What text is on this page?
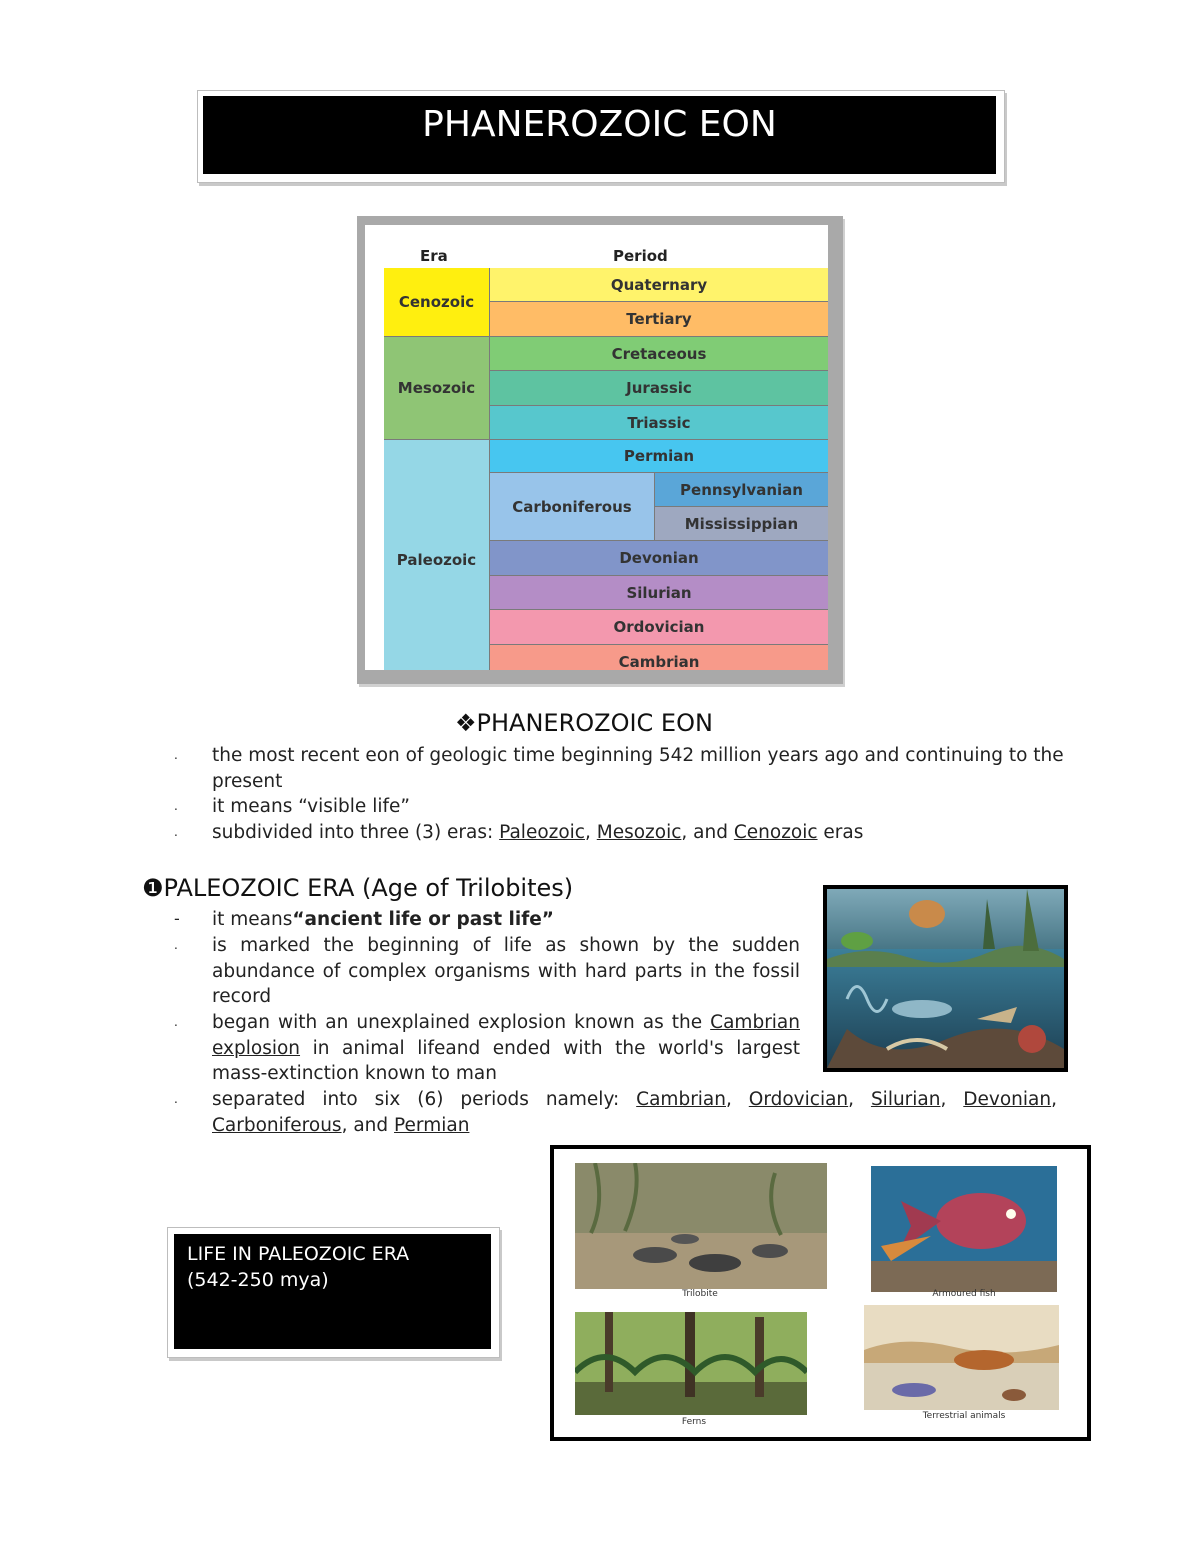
PHANEROZOIC EON
Era	Period
Cenozoic
Mesozoic
Paleozoic
Quaternary
Tertiary
Cretaceous
Jurassic
Triassic
Permian
Carboniferous
Pennsylvanian
Mississippian
Devonian
Silurian
Ordovician
Cambrian
❖PHANEROZOIC EON
. the most recent eon of geologic time beginning 542 million years ago and continuing to the present
. it means “visible life”
. subdivided into three (3) eras: Paleozoic, Mesozoic, and Cenozoic eras
❶PALEOZOIC ERA (Age of Trilobites)
- it means“ancient life or past life”
. is marked the beginning of life as shown by the sudden abundance of complex organisms with hard parts in the fossil record
. began with an unexplained explosion known as the Cambrian explosion in animal lifeand ended with the world's largest mass-extinction known to man
. separated into six (6) periods namely: Cambrian, Ordovician, Silurian, Devonian, Carboniferous, and Permian
LIFE IN PALEOZOIC ERA
(542-250 mya)
Trilobite	Armoured fish
Ferns
Terrestrial animals
